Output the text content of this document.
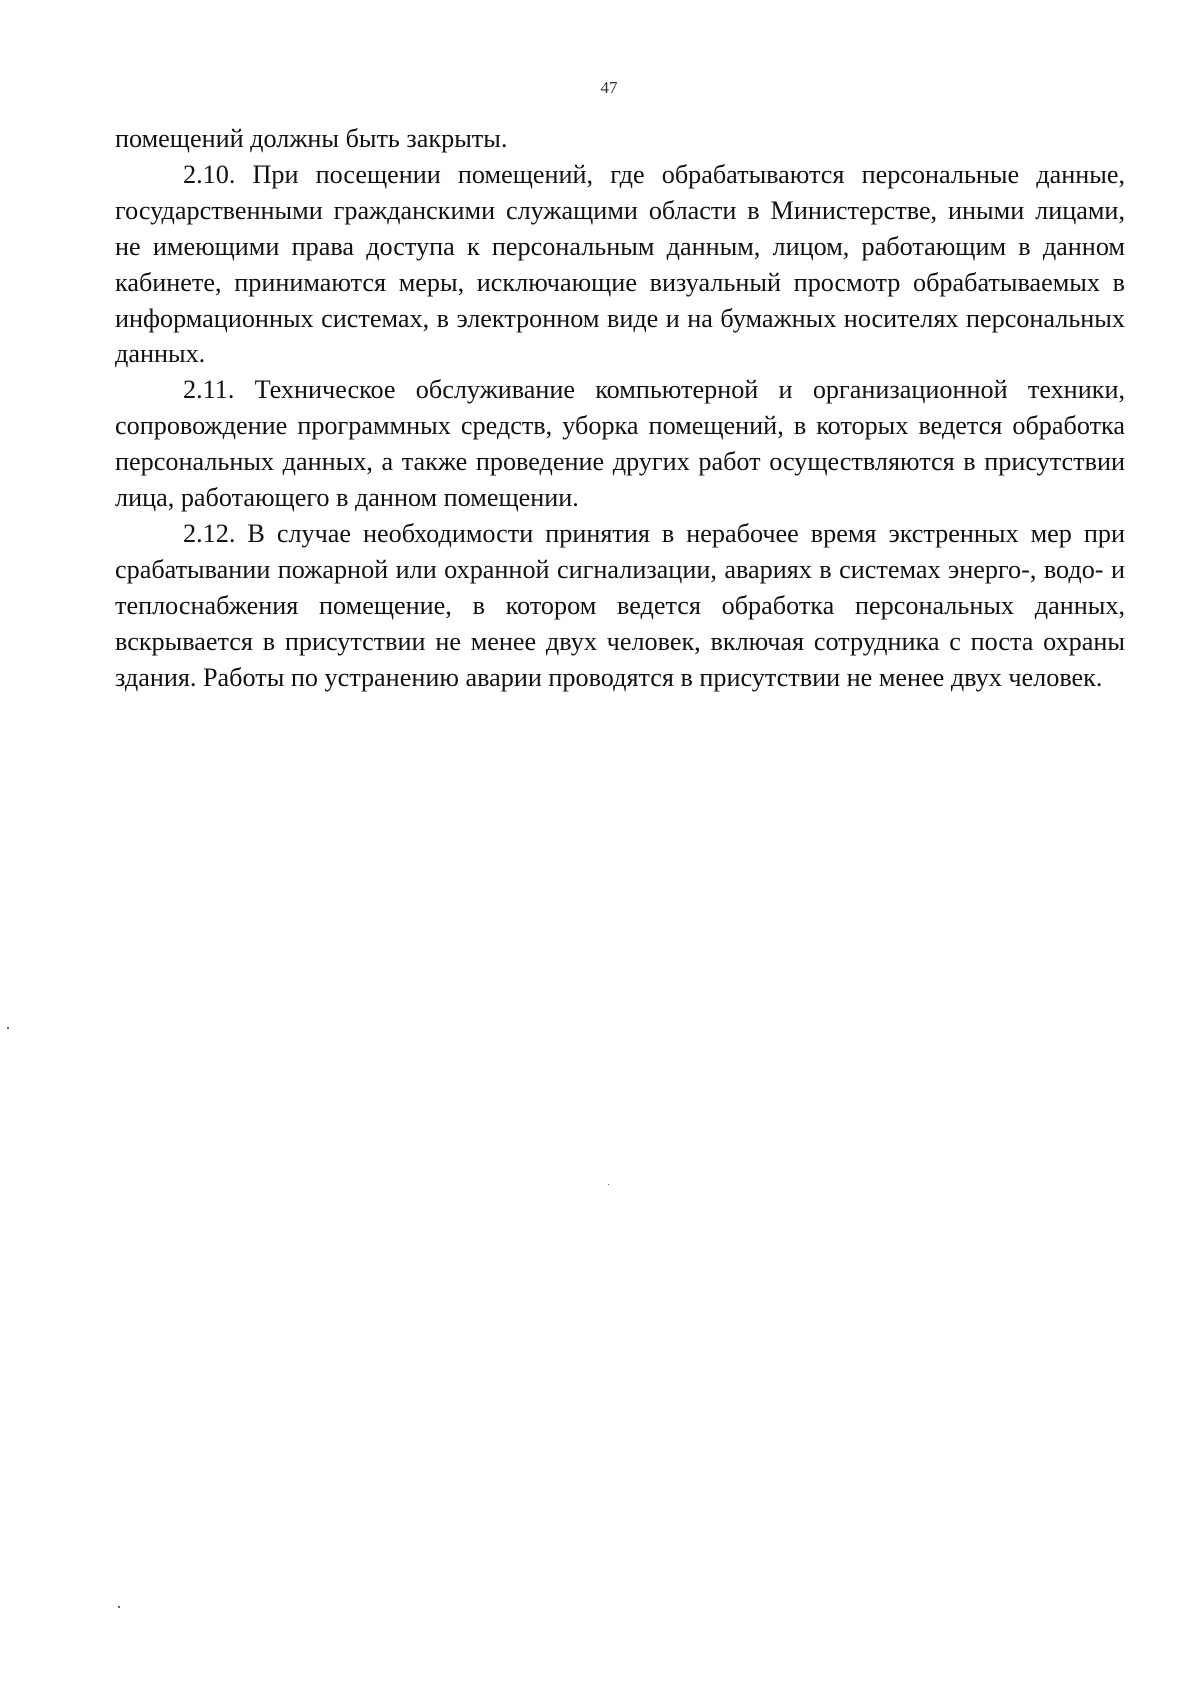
47

помещений должны быть закрыты.

2.10. При посещении помещений, где обрабатываются персональные данные, государственными гражданскими служащими области в Министерстве, иными лицами, не имеющими права доступа к персональным данным, лицом, работающим в данном кабинете, принимаются меры, исключающие визуальный просмотр обрабатываемых в информационных системах, в электронном виде и на бумажных носителях персональных данных.

2.11. Техническое обслуживание компьютерной и организационной техники, сопровождение программных средств, уборка помещений, в которых ведется обработка персональных данных, а также проведение других работ осуществляются в присутствии лица, работающего в данном помещении.

2.12. В случае необходимости принятия в нерабочее время экстренных мер при срабатывании пожарной или охранной сигнализации, авариях в системах энерго-, водо- и теплоснабжения помещение, в котором ведется обработка персональных данных, вскрывается в присутствии не менее двух человек, включая сотрудника с поста охраны здания. Работы по устранению аварии проводятся в присутствии не менее двух человек.
